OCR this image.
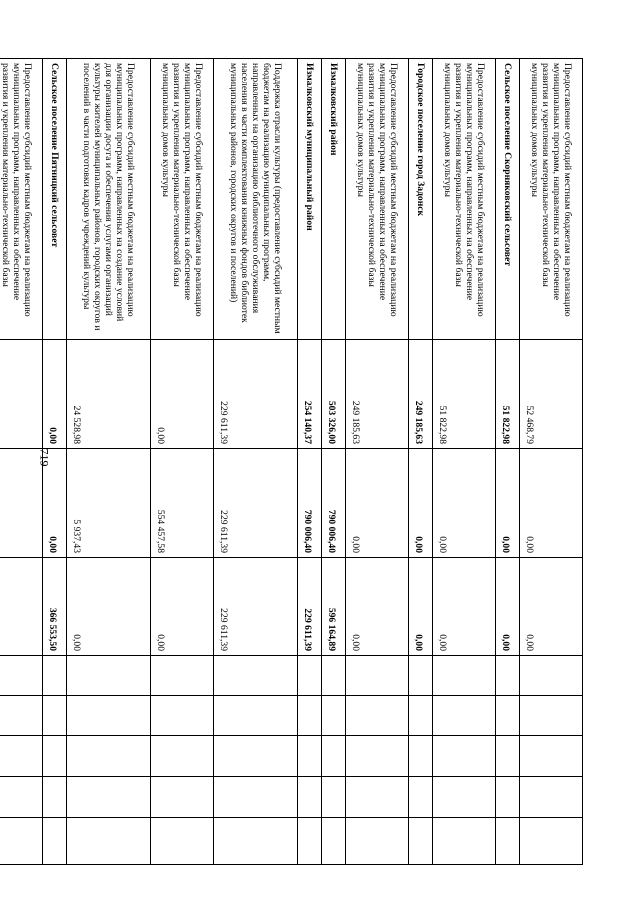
719
Предоставление субсидий местным бюджетам на реализацию муниципальных программ, направленных на обеспечение развития и укрепления материально-технической базы муниципальных домов культуры	52 468,79	0,00	0,00					
Сельское поселение Скорняковский сельсовет	51 822,98	0,00	0,00					
Предоставление субсидий местным бюджетам на реализацию муниципальных программ, направленных на обеспечение развития и укрепления материально-технической базы муниципальных домов культуры	51 822,98	0,00	0,00					
Городское поселение город Задонск	249 185,63	0,00	0,00					
Предоставление субсидий местным бюджетам на реализацию муниципальных программ, направленных на обеспечение развития и укрепления материально-технической базы муниципальных домов культуры	249 185,63	0,00	0,00					
Измалковский район	503 326,00	790 006,40	596 164,89					
Измалковский муниципальный район	254 140,37	790 006,40	229 611,39					
Поддержка отрасли культуры (предоставление субсидий местным бюджетам на реализацию муниципальных программ, направленных на организацию библиотечного обслуживания населения в части комплектования книжных фондов библиотек муниципальных районов, городских округов и поселений)	229 611,39	229 611,39	229 611,39					
Предоставление субсидий местным бюджетам на реализацию муниципальных программ, направленных на обеспечение развития и укрепления материально-технической базы муниципальных домов культуры	0,00	554 457,58	0,00					
Предоставление субсидий местным бюджетам на реализацию муниципальных программ, направленных на создание условий для организации досуга и обеспечения услугами организаций культуры жителей муниципальных районов, городских округов и поселений в части подготовки кадров учреждений культуры	24 528,98	5 937,43	0,00					
Сельское поселение Пятницкий сельсовет	0,00	0,00	366 553,50					
Предоставление субсидий местным бюджетам на реализацию муниципальных программ, направленных на обеспечение развития и укрепления материально-технической базы								
